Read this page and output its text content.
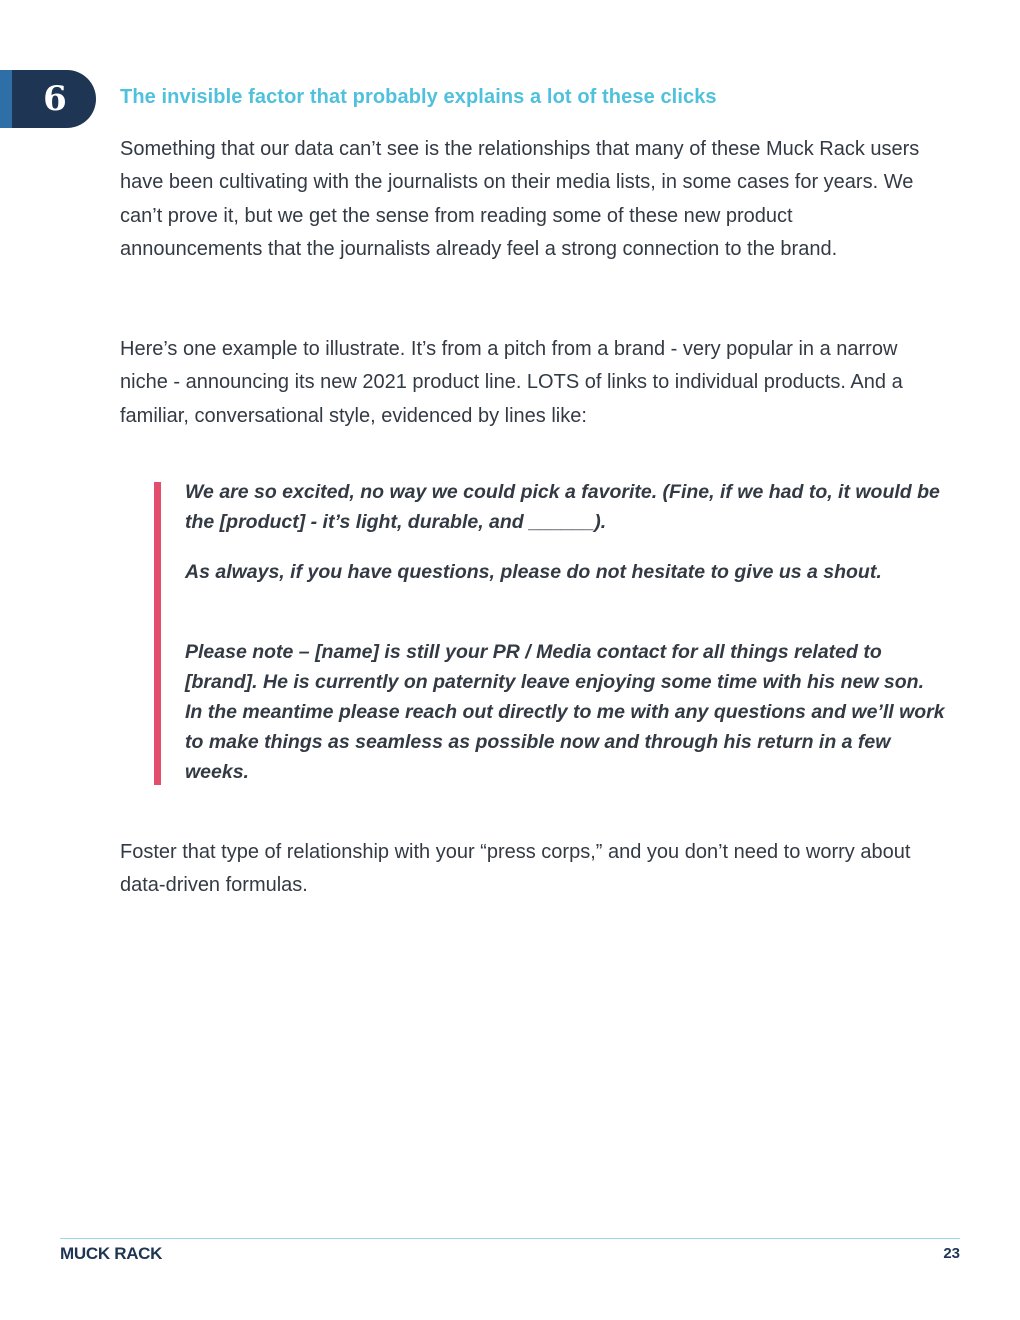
6	The invisible factor that probably explains a lot of these clicks

Something that our data can’t see is the relationships that many of these Muck Rack users have been cultivating with the journalists on their media lists, in some cases for years. We can’t prove it, but we get the sense from reading some of these new product announcements that the journalists already feel a strong connection to the brand.

Here’s one example to illustrate. It’s from a pitch from a brand - very popular in a narrow niche - announcing its new 2021 product line. LOTS of links to individual products. And a familiar, conversational style, evidenced by lines like:

We are so excited, no way we could pick a favorite. (Fine, if we had to, it would be the [product] - it’s light, durable, and ______).

As always, if you have questions, please do not hesitate to give us a shout.

Please note – [name] is still your PR / Media contact for all things related to [brand]. He is currently on paternity leave enjoying some time with his new son. In the meantime please reach out directly to me with any questions and we’ll work to make things as seamless as possible now and through his return in a few weeks.

Foster that type of relationship with your “press corps,” and you don’t need to worry about data-driven formulas.

MUCK RACK	23
